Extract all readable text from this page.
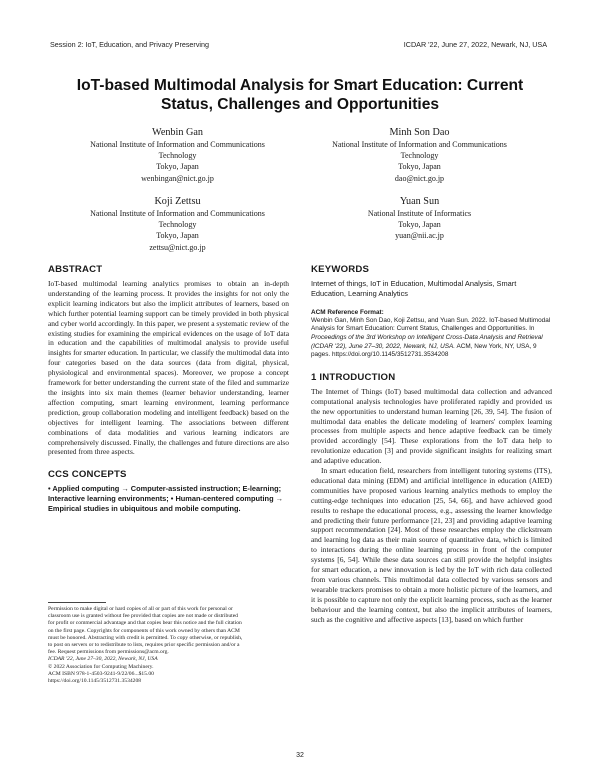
Session 2: IoT, Education, and Privacy Preserving	ICDAR '22, June 27, 2022, Newark, NJ, USA
IoT-based Multimodal Analysis for Smart Education: Current
Status, Challenges and Opportunities
Wenbin Gan
National Institute of Information and Communications
Technology
Tokyo, Japan
wenbingan@nict.go.jp
Minh Son Dao
National Institute of Information and Communications
Technology
Tokyo, Japan
dao@nict.go.jp
Koji Zettsu
National Institute of Information and Communications
Technology
Tokyo, Japan
zettsu@nict.go.jp
Yuan Sun
National Institute of Informatics
Tokyo, Japan
yuan@nii.ac.jp
ABSTRACT

IoT-based multimodal learning analytics promises to obtain an in-depth understanding of the learning process. It provides the insights for not only the explicit learning indicators but also the implicit attributes of learners, based on which further potential learning support can be timely provided in both physical and cyber world accordingly. In this paper, we present a systematic review of the existing studies for examining the empirical evidences on the usage of IoT data in education and the capabilities of multimodal analysis to provide useful insights for smarter education. In particular, we classify the multimodal data into four categories based on the data sources (data from digital, physical, physiological and environmental spaces). Moreover, we propose a concept framework for better understanding the current state of the filed and summarize the insights into six main themes (learner behavior understanding, learner affection computing, smart learning environment, learning performance prediction, group collaboration modeling and intelligent feedback) based on the objectives for intelligent learning. The associations between different combinations of data modalities and various learning indicators are comprehensively discussed. Finally, the challenges and future directions are also presented from three aspects.

CCS CONCEPTS

• Applied computing → Computer-assisted instruction; E-learning; Interactive learning environments; • Human-centered computing → Empirical studies in ubiquitous and mobile computing.

Permission to make digital or hard copies of all or part of this work for personal or
classroom use is granted without fee provided that copies are not made or distributed
for profit or commercial advantage and that copies bear this notice and the full citation
on the first page. Copyrights for components of this work owned by others than ACM
must be honored. Abstracting with credit is permitted. To copy otherwise, or republish,
to post on servers or to redistribute to lists, requires prior specific permission and/or a
fee. Request permissions from permissions@acm.org.
ICDAR '22, June 27–30, 2022, Newark, NJ, USA
© 2022 Association for Computing Machinery.
ACM ISBN 978-1-4503-9241-9/22/06...$15.00
https://doi.org/10.1145/3512731.3534208
KEYWORDS

Internet of things, IoT in Education, Multimodal Analysis, Smart Education, Learning Analytics

ACM Reference Format:

Wenbin Gan, Minh Son Dao, Koji Zettsu, and Yuan Sun. 2022. IoT-based Multimodal Analysis for Smart Education: Current Status, Challenges and Opportunities. In Proceedings of the 3rd Workshop on Intelligent Cross-Data Analysis and Retrieval (ICDAR '22), June 27–30, 2022, Newark, NJ, USA. ACM, New York, NY, USA, 9 pages. https://doi.org/10.1145/3512731.3534208

1 INTRODUCTION

The Internet of Things (IoT) based multimodal data collection and advanced computational analysis technologies have proliferated rapidly and provided us the new opportunities to understand human learning [26, 39, 54]. The fusion of multimodal data enables the delicate modeling of learners' complex learning processes from multiple aspects and hence adaptive feedback can be timely provided accordingly [54]. These explorations from the IoT data help to revolutionize education [3] and provide significant insights for realizing smart and adaptive education.

In smart education field, researchers from intelligent tutoring systems (ITS), educational data mining (EDM) and artificial intelligence in education (AIED) communities have proposed various learning analytics methods to employ the cutting-edge techniques into education [25, 54, 66], and have achieved good results to reshape the educational process, e.g., assessing the learner knowledge and predicting their future performance [21, 23] and providing adaptive learning support recommendation [24]. Most of these researches employ the clickstream and learning log data as their main source of quantitative data, which is limited to interactions during the online learning process in front of the computer systems [6, 54]. While these data sources can still provide the helpful insights for smart education, a new innovation is led by the IoT with rich data collected from various channels. This multimodal data collected by various sensors and wearable trackers promises to obtain a more holistic picture of the learners, and it is possible to capture not only the explicit learning process, such as the learner behaviour and the learning context, but also the implicit attributes of learners, such as the cognitive and affective aspects [13], based on which further

32
